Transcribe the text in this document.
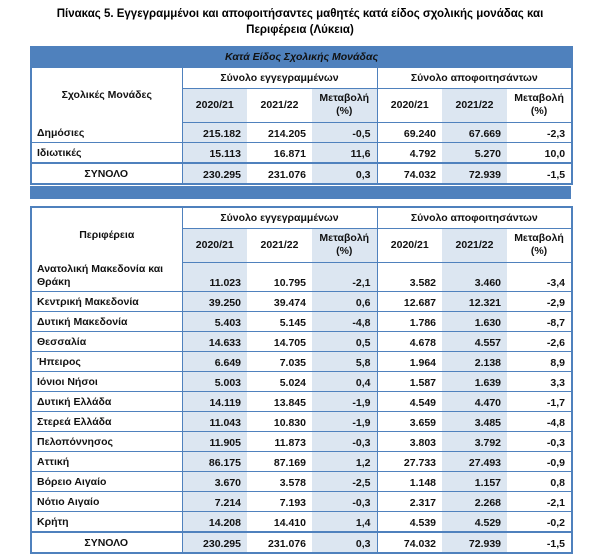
Πίνακας 5. Εγγεγραμμένοι και αποφοιτήσαντες μαθητές κατά είδος σχολικής μονάδας και Περιφέρεια (Λύκεια)
Κατά Είδος Σχολικής Μονάδας						
Σχολικές Μονάδες	Σύνολο εγγεγραμμένων			Σύνολο αποφοιτησάντων		
	2020/21	2021/22	Μεταβολή (%)	2020/21	2021/22	Μεταβολή (%)
Δημόσιες	215.182	214.205	-0,5	69.240	67.669	-2,3
Ιδιωτικές	15.113	16.871	11,6	4.792	5.270	10,0
ΣΥΝΟΛΟ	230.295	231.076	0,3	74.032	72.939	-1,5
Περιφέρεια	Σύνολο εγγεγραμμένων			Σύνολο αποφοιτησάντων		
	2020/21	2021/22	Μεταβολή (%)	2020/21	2021/22	Μεταβολή (%)
Ανατολική Μακεδονία και Θράκη	11.023	10.795	-2,1	3.582	3.460	-3,4
Κεντρική Μακεδονία	39.250	39.474	0,6	12.687	12.321	-2,9
Δυτική Μακεδονία	5.403	5.145	-4,8	1.786	1.630	-8,7
Θεσσαλία	14.633	14.705	0,5	4.678	4.557	-2,6
Ήπειρος	6.649	7.035	5,8	1.964	2.138	8,9
Ιόνιοι Νήσοι	5.003	5.024	0,4	1.587	1.639	3,3
Δυτική Ελλάδα	14.119	13.845	-1,9	4.549	4.470	-1,7
Στερεά Ελλάδα	11.043	10.830	-1,9	3.659	3.485	-4,8
Πελοπόννησος	11.905	11.873	-0,3	3.803	3.792	-0,3
Αττική	86.175	87.169	1,2	27.733	27.493	-0,9
Βόρειο Αιγαίο	3.670	3.578	-2,5	1.148	1.157	0,8
Νότιο Αιγαίο	7.214	7.193	-0,3	2.317	2.268	-2,1
Κρήτη	14.208	14.410	1,4	4.539	4.529	-0,2
ΣΥΝΟΛΟ	230.295	231.076	0,3	74.032	72.939	-1,5
